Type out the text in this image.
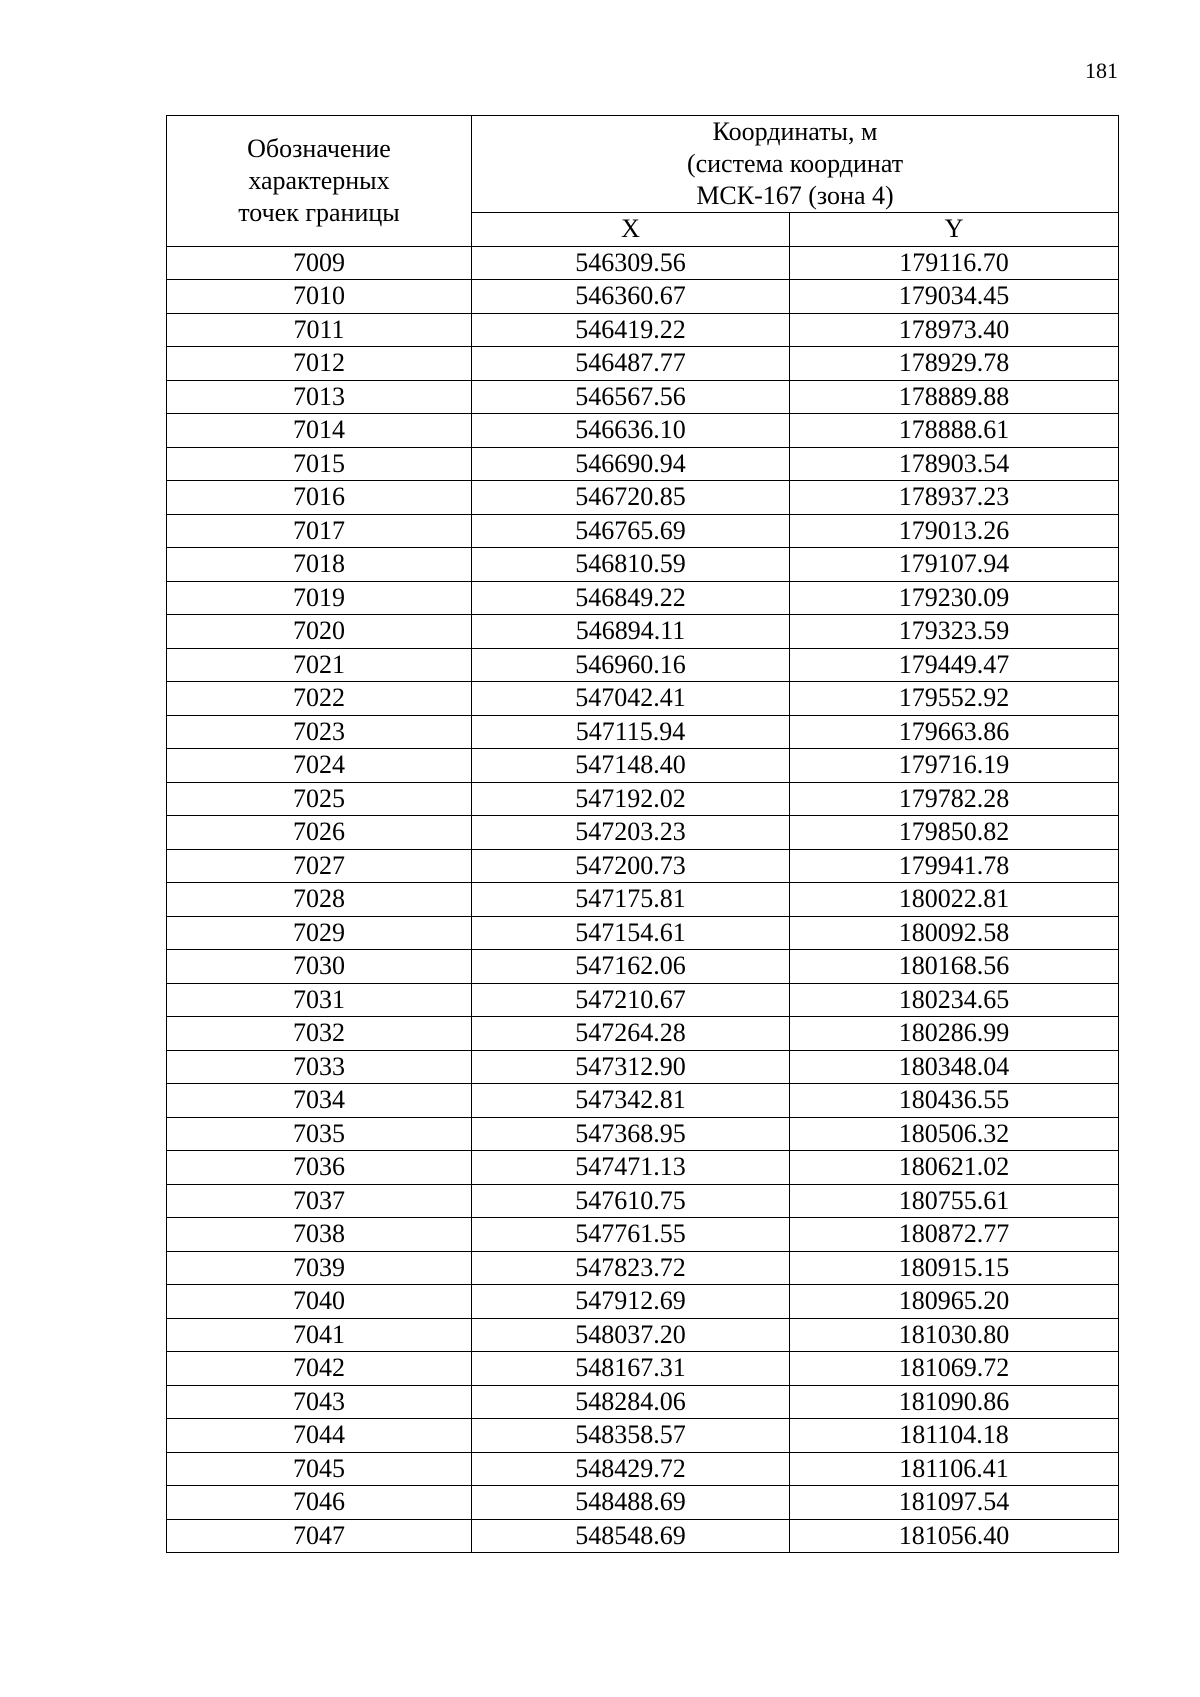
181
Обозначение
характерных
точек границы	Координаты, м
(система координат
МСК-167 (зона 4)	

	X	Y
7009	546309.56	179116.70
7010	546360.67	179034.45
7011	546419.22	178973.40
7012	546487.77	178929.78
7013	546567.56	178889.88
7014	546636.10	178888.61
7015	546690.94	178903.54
7016	546720.85	178937.23
7017	546765.69	179013.26
7018	546810.59	179107.94
7019	546849.22	179230.09
7020	546894.11	179323.59
7021	546960.16	179449.47
7022	547042.41	179552.92
7023	547115.94	179663.86
7024	547148.40	179716.19
7025	547192.02	179782.28
7026	547203.23	179850.82
7027	547200.73	179941.78
7028	547175.81	180022.81
7029	547154.61	180092.58
7030	547162.06	180168.56
7031	547210.67	180234.65
7032	547264.28	180286.99
7033	547312.90	180348.04
7034	547342.81	180436.55
7035	547368.95	180506.32
7036	547471.13	180621.02
7037	547610.75	180755.61
7038	547761.55	180872.77
7039	547823.72	180915.15
7040	547912.69	180965.20
7041	548037.20	181030.80
7042	548167.31	181069.72
7043	548284.06	181090.86
7044	548358.57	181104.18
7045	548429.72	181106.41
7046	548488.69	181097.54
7047	548548.69	181056.40
